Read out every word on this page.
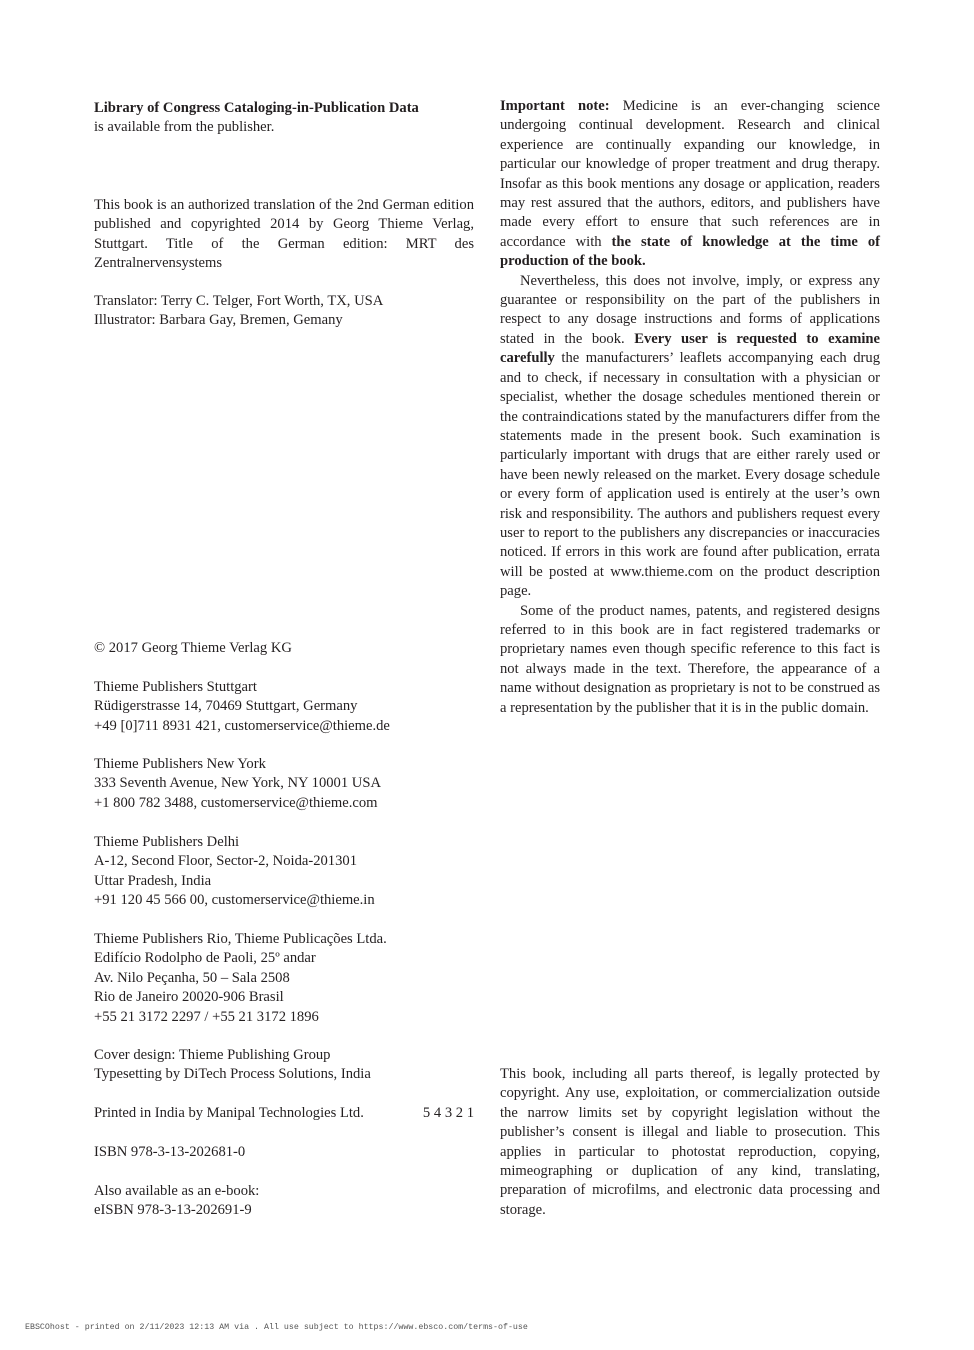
Library of Congress Cataloging-in-Publication Data

is available from the publisher.

This book is an authorized translation of the 2nd German edition published and copyrighted 2014 by Georg Thieme Verlag, Stuttgart. Title of the German edition: MRT des Zentralnervensystems

Translator: Terry C. Telger, Fort Worth, TX, USA

Illustrator: Barbara Gay, Bremen, Gemany

© 2017 Georg Thieme Verlag KG

Thieme Publishers Stuttgart

Rüdigerstrasse 14, 70469 Stuttgart, Germany

+49 [0]711 8931 421, customerservice@thieme.de

Thieme Publishers New York

333 Seventh Avenue, New York, NY 10001 USA

+1 800 782 3488, customerservice@thieme.com

Thieme Publishers Delhi

A-12, Second Floor, Sector-2, Noida-201301

Uttar Pradesh, India

+91 120 45 566 00, customerservice@thieme.in

Thieme Publishers Rio, Thieme Publicações Ltda.

Edifício Rodolpho de Paoli, 25º andar

Av. Nilo Peçanha, 50 – Sala 2508

Rio de Janeiro 20020-906 Brasil

+55 21 3172 2297 / +55 21 3172 1896

Cover design: Thieme Publishing Group

Typesetting by DiTech Process Solutions, India

Printed in India by Manipal Technologies Ltd.	5 4 3 2 1

ISBN 978-3-13-202681-0

Also available as an e-book:

eISBN 978-3-13-202691-9

Important note: Medicine is an ever-changing science undergoing continual development. Research and clinical experience are continually expanding our knowledge, in particular our knowledge of proper treatment and drug therapy. Insofar as this book mentions any dosage or application, readers may rest assured that the authors, editors, and publishers have made every effort to ensure that such references are in accordance with the state of knowledge at the time of production of the book.

Nevertheless, this does not involve, imply, or express any guarantee or responsibility on the part of the publishers in respect to any dosage instructions and forms of applications stated in the book. Every user is requested to examine carefully the manufacturers’ leaflets accompanying each drug and to check, if necessary in consultation with a physician or specialist, whether the dosage schedules mentioned therein or the contraindications stated by the manufacturers differ from the statements made in the present book. Such examination is particularly important with drugs that are either rarely used or have been newly released on the market. Every dosage schedule or every form of application used is entirely at the user’s own risk and responsibility. The authors and publishers request every user to report to the publishers any discrepancies or inaccuracies noticed. If errors in this work are found after publication, errata will be posted at www.thieme.com on the product description page.

Some of the product names, patents, and registered designs referred to in this book are in fact registered trademarks or proprietary names even though specific reference to this fact is not always made in the text. Therefore, the appearance of a name without designation as proprietary is not to be construed as a representation by the publisher that it is in the public domain.

This book, including all parts thereof, is legally protected by copyright. Any use, exploitation, or commercialization outside the narrow limits set by copyright legislation without the publisher’s consent is illegal and liable to prosecution. This applies in particular to photostat reproduction, copying, mimeographing or duplication of any kind, translating, preparation of microfilms, and electronic data processing and storage.

EBSCOhost - printed on 2/11/2023 12:13 AM via . All use subject to https://www.ebsco.com/terms-of-use
